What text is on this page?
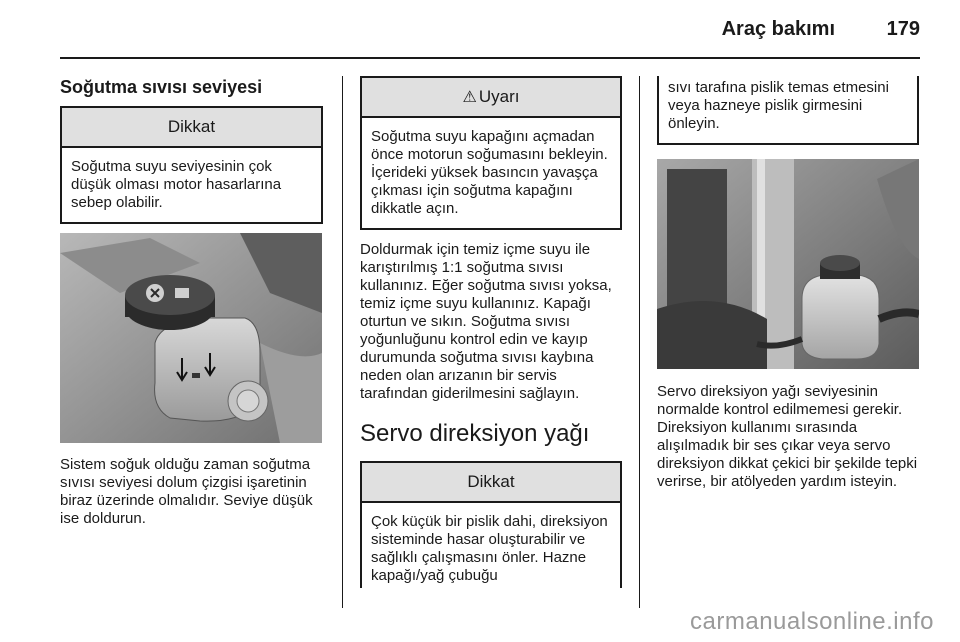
Araç bakımı	179
Soğutma sıvısı seviyesi
Dikkat

Soğutma suyu seviyesinin çok düşük olması motor hasarlarına sebep olabilir.

Sistem soğuk olduğu zaman soğutma sıvısı seviyesi dolum çizgisi işaretinin biraz üzerinde olmalıdır. Seviye düşük ise doldurun.

⚠ Uyarı

Soğutma suyu kapağını açmadan önce motorun soğumasını bekleyin. İçerideki yüksek basıncın yavaşça çıkması için soğutma kapağını dikkatle açın.

Doldurmak için temiz içme suyu ile karıştırılmış 1:1 soğutma sıvısı kullanınız. Eğer soğutma sıvısı yoksa, temiz içme suyu kullanınız. Kapağı oturtun ve sıkın. Soğutma sıvısı yoğunluğunu kontrol edin ve kayıp durumunda soğutma sıvısı kaybına neden olan arızanın bir servis tarafından giderilmesini sağlayın.

Servo direksiyon yağı
Dikkat

Çok küçük bir pislik dahi, direksiyon sisteminde hasar oluşturabilir ve sağlıklı çalışmasını önler. Hazne kapağı/yağ çubuğu

sıvı tarafına pislik temas etmesini veya hazneye pislik girmesini önleyin.

Servo direksiyon yağı seviyesinin normalde kontrol edilmemesi gerekir. Direksiyon kullanımı sırasında alışılmadık bir ses çıkar veya servo direksiyon dikkat çekici bir şekilde tepki verirse, bir atölyeden yardım isteyin.

carmanualsonline.info
